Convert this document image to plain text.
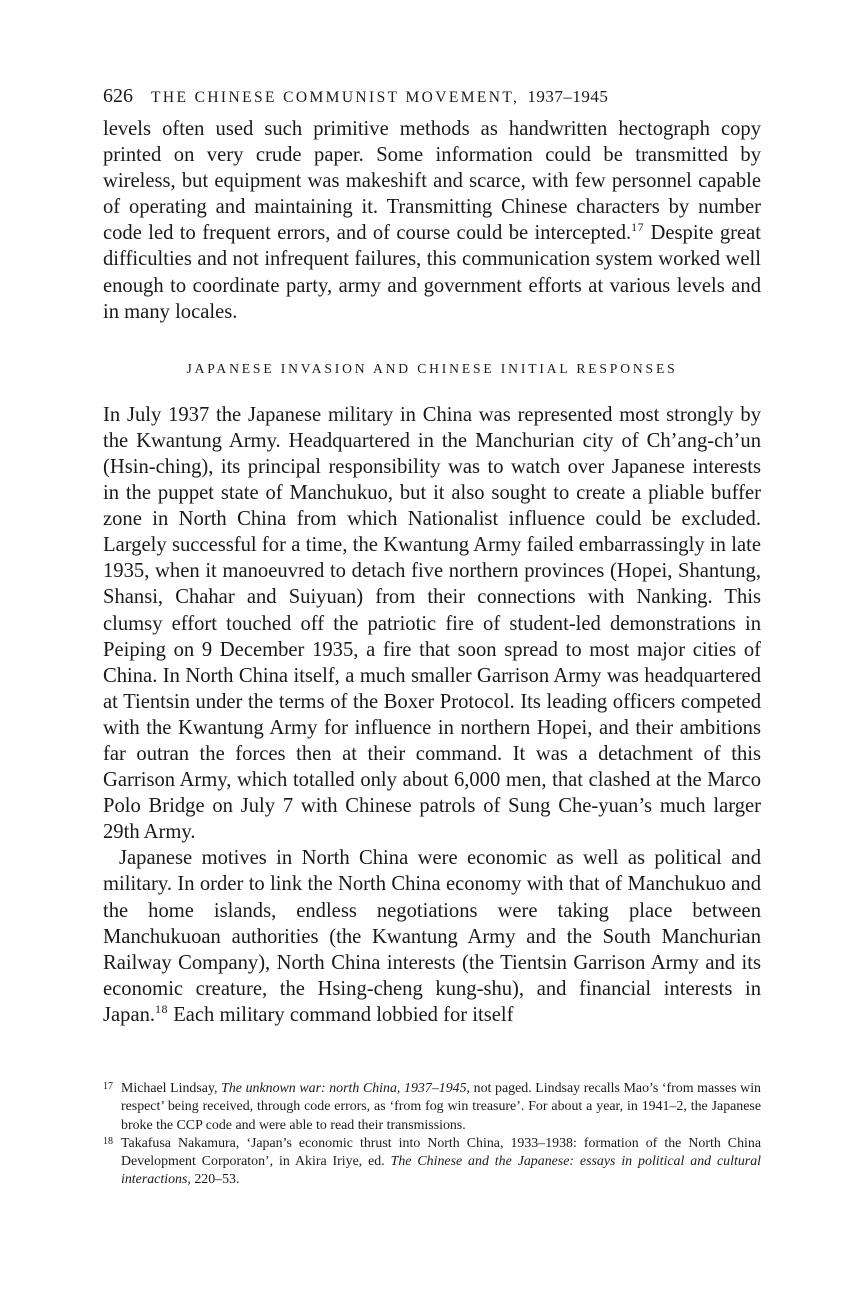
626 THE CHINESE COMMUNIST MOVEMENT, 1937–1945

levels often used such primitive methods as handwritten hectograph copy printed on very crude paper. Some information could be transmitted by wireless, but equipment was makeshift and scarce, with few personnel capable of operating and maintaining it. Transmitting Chinese characters by number code led to frequent errors, and of course could be intercepted.$^{17}$ Despite great difficulties and not infrequent failures, this communication system worked well enough to coordinate party, army and government efforts at various levels and in many locales.

JAPANESE INVASION AND CHINESE INITIAL RESPONSES

In July 1937 the Japanese military in China was represented most strongly by the Kwantung Army. Headquartered in the Manchurian city of Ch’ang-ch’un (Hsin-ching), its principal responsibility was to watch over Japanese interests in the puppet state of Manchukuo, but it also sought to create a pliable buffer zone in North China from which Nationalist influence could be excluded. Largely successful for a time, the Kwantung Army failed embarrassingly in late 1935, when it manoeuvred to detach five northern provinces (Hopei, Shantung, Shansi, Chahar and Suiyuan) from their connections with Nanking. This clumsy effort touched off the patriotic fire of student-led demonstrations in Peiping on 9 December 1935, a fire that soon spread to most major cities of China. In North China itself, a much smaller Garrison Army was headquartered at Tientsin under the terms of the Boxer Protocol. Its leading officers competed with the Kwantung Army for influence in northern Hopei, and their ambitions far outran the forces then at their command. It was a detachment of this Garrison Army, which totalled only about 6,000 men, that clashed at the Marco Polo Bridge on July 7 with Chinese patrols of Sung Che-yuan’s much larger 29th Army.

Japanese motives in North China were economic as well as political and military. In order to link the North China economy with that of Manchukuo and the home islands, endless negotiations were taking place between Manchukuoan authorities (the Kwantung Army and the South Manchurian Railway Company), North China interests (the Tientsin Garrison Army and its economic creature, the Hsing-cheng kung-shu), and financial interests in Japan.$^{18}$ Each military command lobbied for itself

17 Michael Lindsay, The unknown war: north China, 1937–1945, not paged. Lindsay recalls Mao’s ‘from masses win respect’ being received, through code errors, as ‘from fog win treasure’. For about a year, in 1941–2, the Japanese broke the CCP code and were able to read their transmissions.
18 Takafusa Nakamura, ‘Japan’s economic thrust into North China, 1933–1938: formation of the North China Development Corporaton’, in Akira Iriye, ed. The Chinese and the Japanese: essays in political and cultural interactions, 220–53.
